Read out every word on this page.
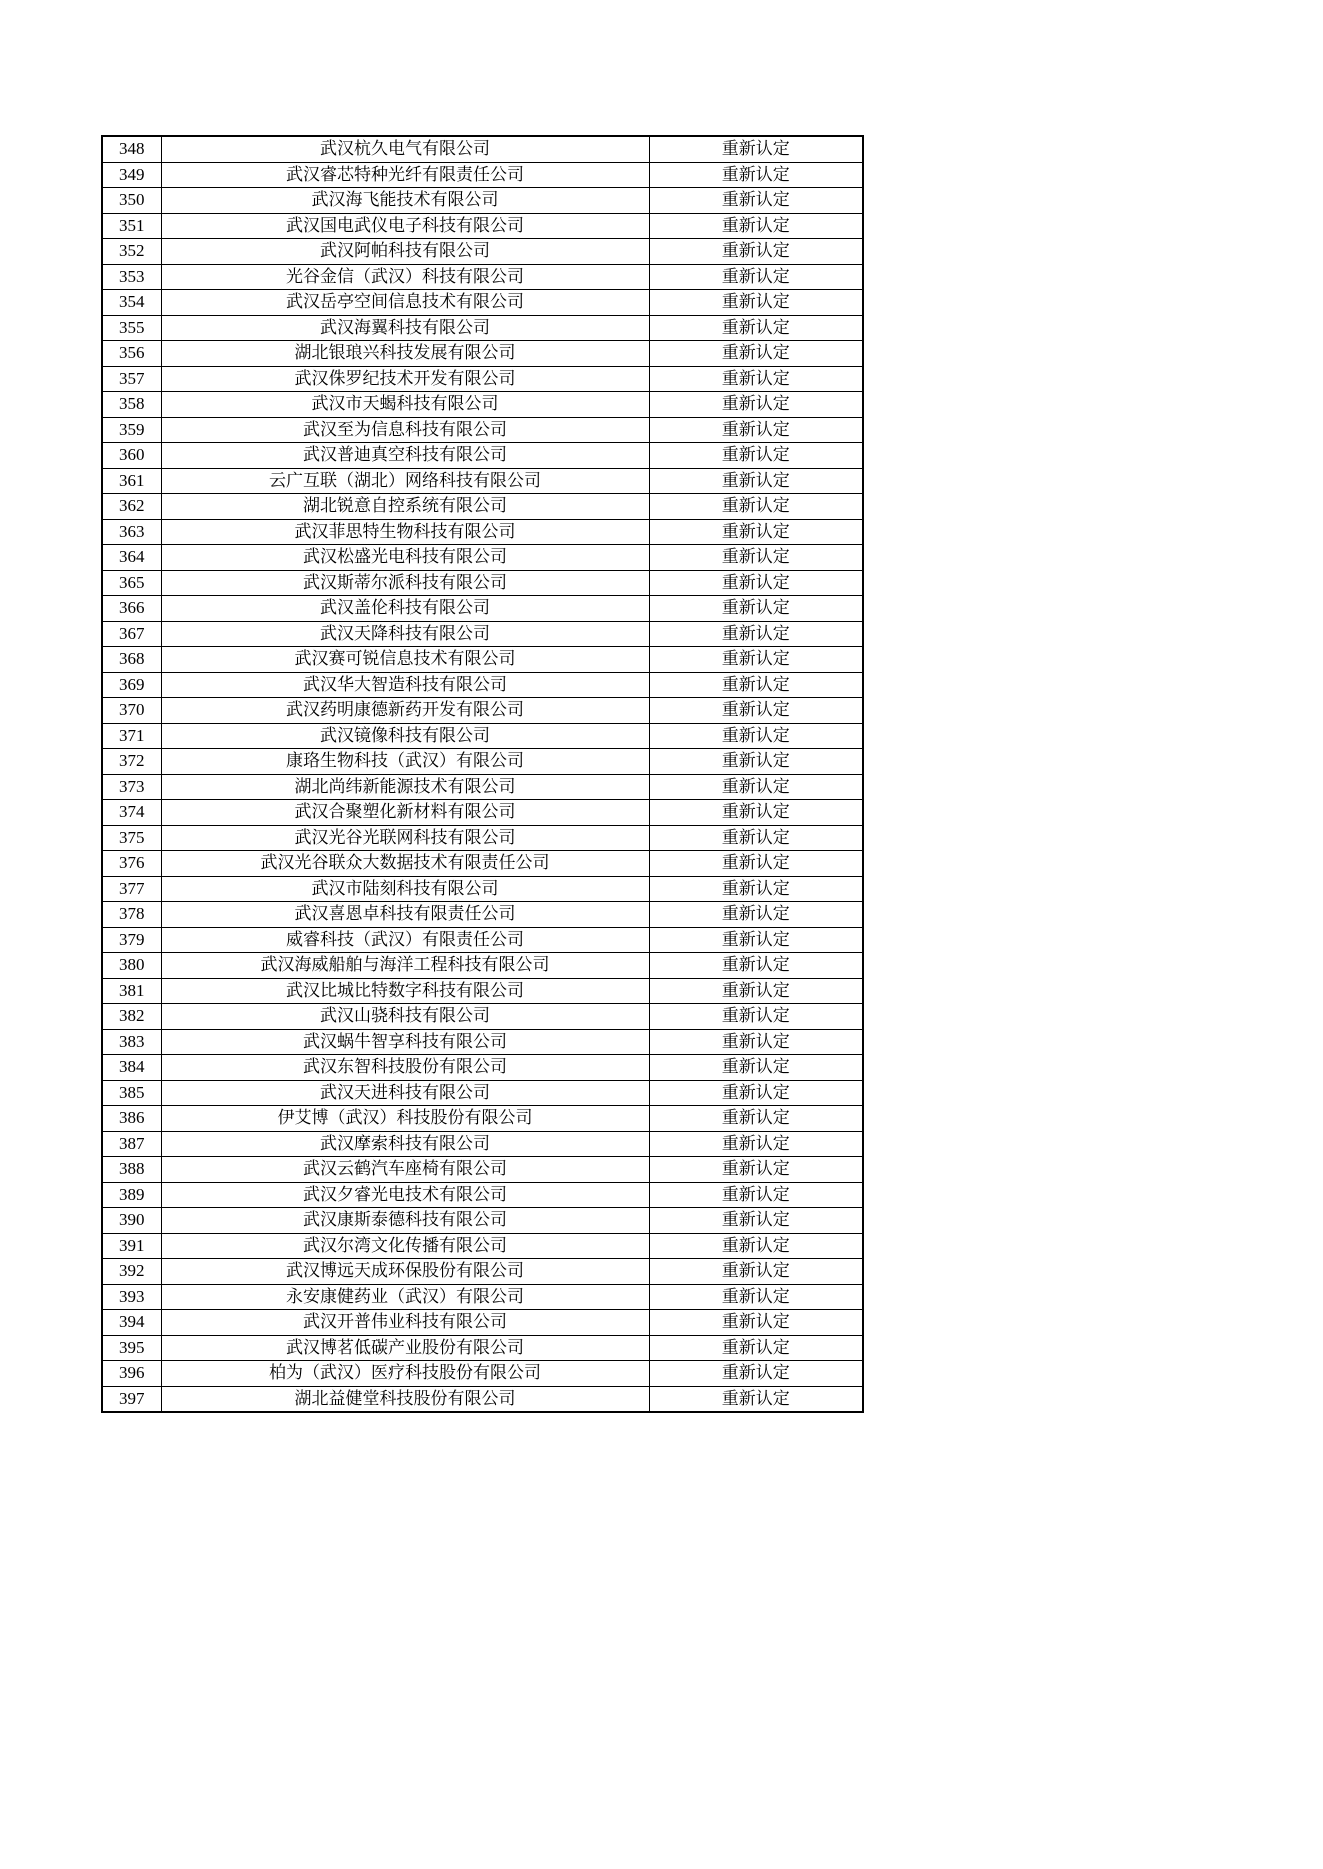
348	武汉杭久电气有限公司	重新认定
349	武汉睿芯特种光纤有限责任公司	重新认定
350	武汉海飞能技术有限公司	重新认定
351	武汉国电武仪电子科技有限公司	重新认定
352	武汉阿帕科技有限公司	重新认定
353	光谷金信（武汉）科技有限公司	重新认定
354	武汉岳亭空间信息技术有限公司	重新认定
355	武汉海翼科技有限公司	重新认定
356	湖北银琅兴科技发展有限公司	重新认定
357	武汉侏罗纪技术开发有限公司	重新认定
358	武汉市天蝎科技有限公司	重新认定
359	武汉至为信息科技有限公司	重新认定
360	武汉普迪真空科技有限公司	重新认定
361	云广互联（湖北）网络科技有限公司	重新认定
362	湖北锐意自控系统有限公司	重新认定
363	武汉菲思特生物科技有限公司	重新认定
364	武汉松盛光电科技有限公司	重新认定
365	武汉斯蒂尔派科技有限公司	重新认定
366	武汉盖伦科技有限公司	重新认定
367	武汉天降科技有限公司	重新认定
368	武汉赛可锐信息技术有限公司	重新认定
369	武汉华大智造科技有限公司	重新认定
370	武汉药明康德新药开发有限公司	重新认定
371	武汉镜像科技有限公司	重新认定
372	康珞生物科技（武汉）有限公司	重新认定
373	湖北尚纬新能源技术有限公司	重新认定
374	武汉合聚塑化新材料有限公司	重新认定
375	武汉光谷光联网科技有限公司	重新认定
376	武汉光谷联众大数据技术有限责任公司	重新认定
377	武汉市陆刻科技有限公司	重新认定
378	武汉喜恩卓科技有限责任公司	重新认定
379	威睿科技（武汉）有限责任公司	重新认定
380	武汉海威船舶与海洋工程科技有限公司	重新认定
381	武汉比城比特数字科技有限公司	重新认定
382	武汉山骁科技有限公司	重新认定
383	武汉蜗牛智享科技有限公司	重新认定
384	武汉东智科技股份有限公司	重新认定
385	武汉天进科技有限公司	重新认定
386	伊艾博（武汉）科技股份有限公司	重新认定
387	武汉摩索科技有限公司	重新认定
388	武汉云鹤汽车座椅有限公司	重新认定
389	武汉夕睿光电技术有限公司	重新认定
390	武汉康斯泰德科技有限公司	重新认定
391	武汉尔湾文化传播有限公司	重新认定
392	武汉博远天成环保股份有限公司	重新认定
393	永安康健药业（武汉）有限公司	重新认定
394	武汉开普伟业科技有限公司	重新认定
395	武汉博茗低碳产业股份有限公司	重新认定
396	柏为（武汉）医疗科技股份有限公司	重新认定
397	湖北益健堂科技股份有限公司	重新认定
